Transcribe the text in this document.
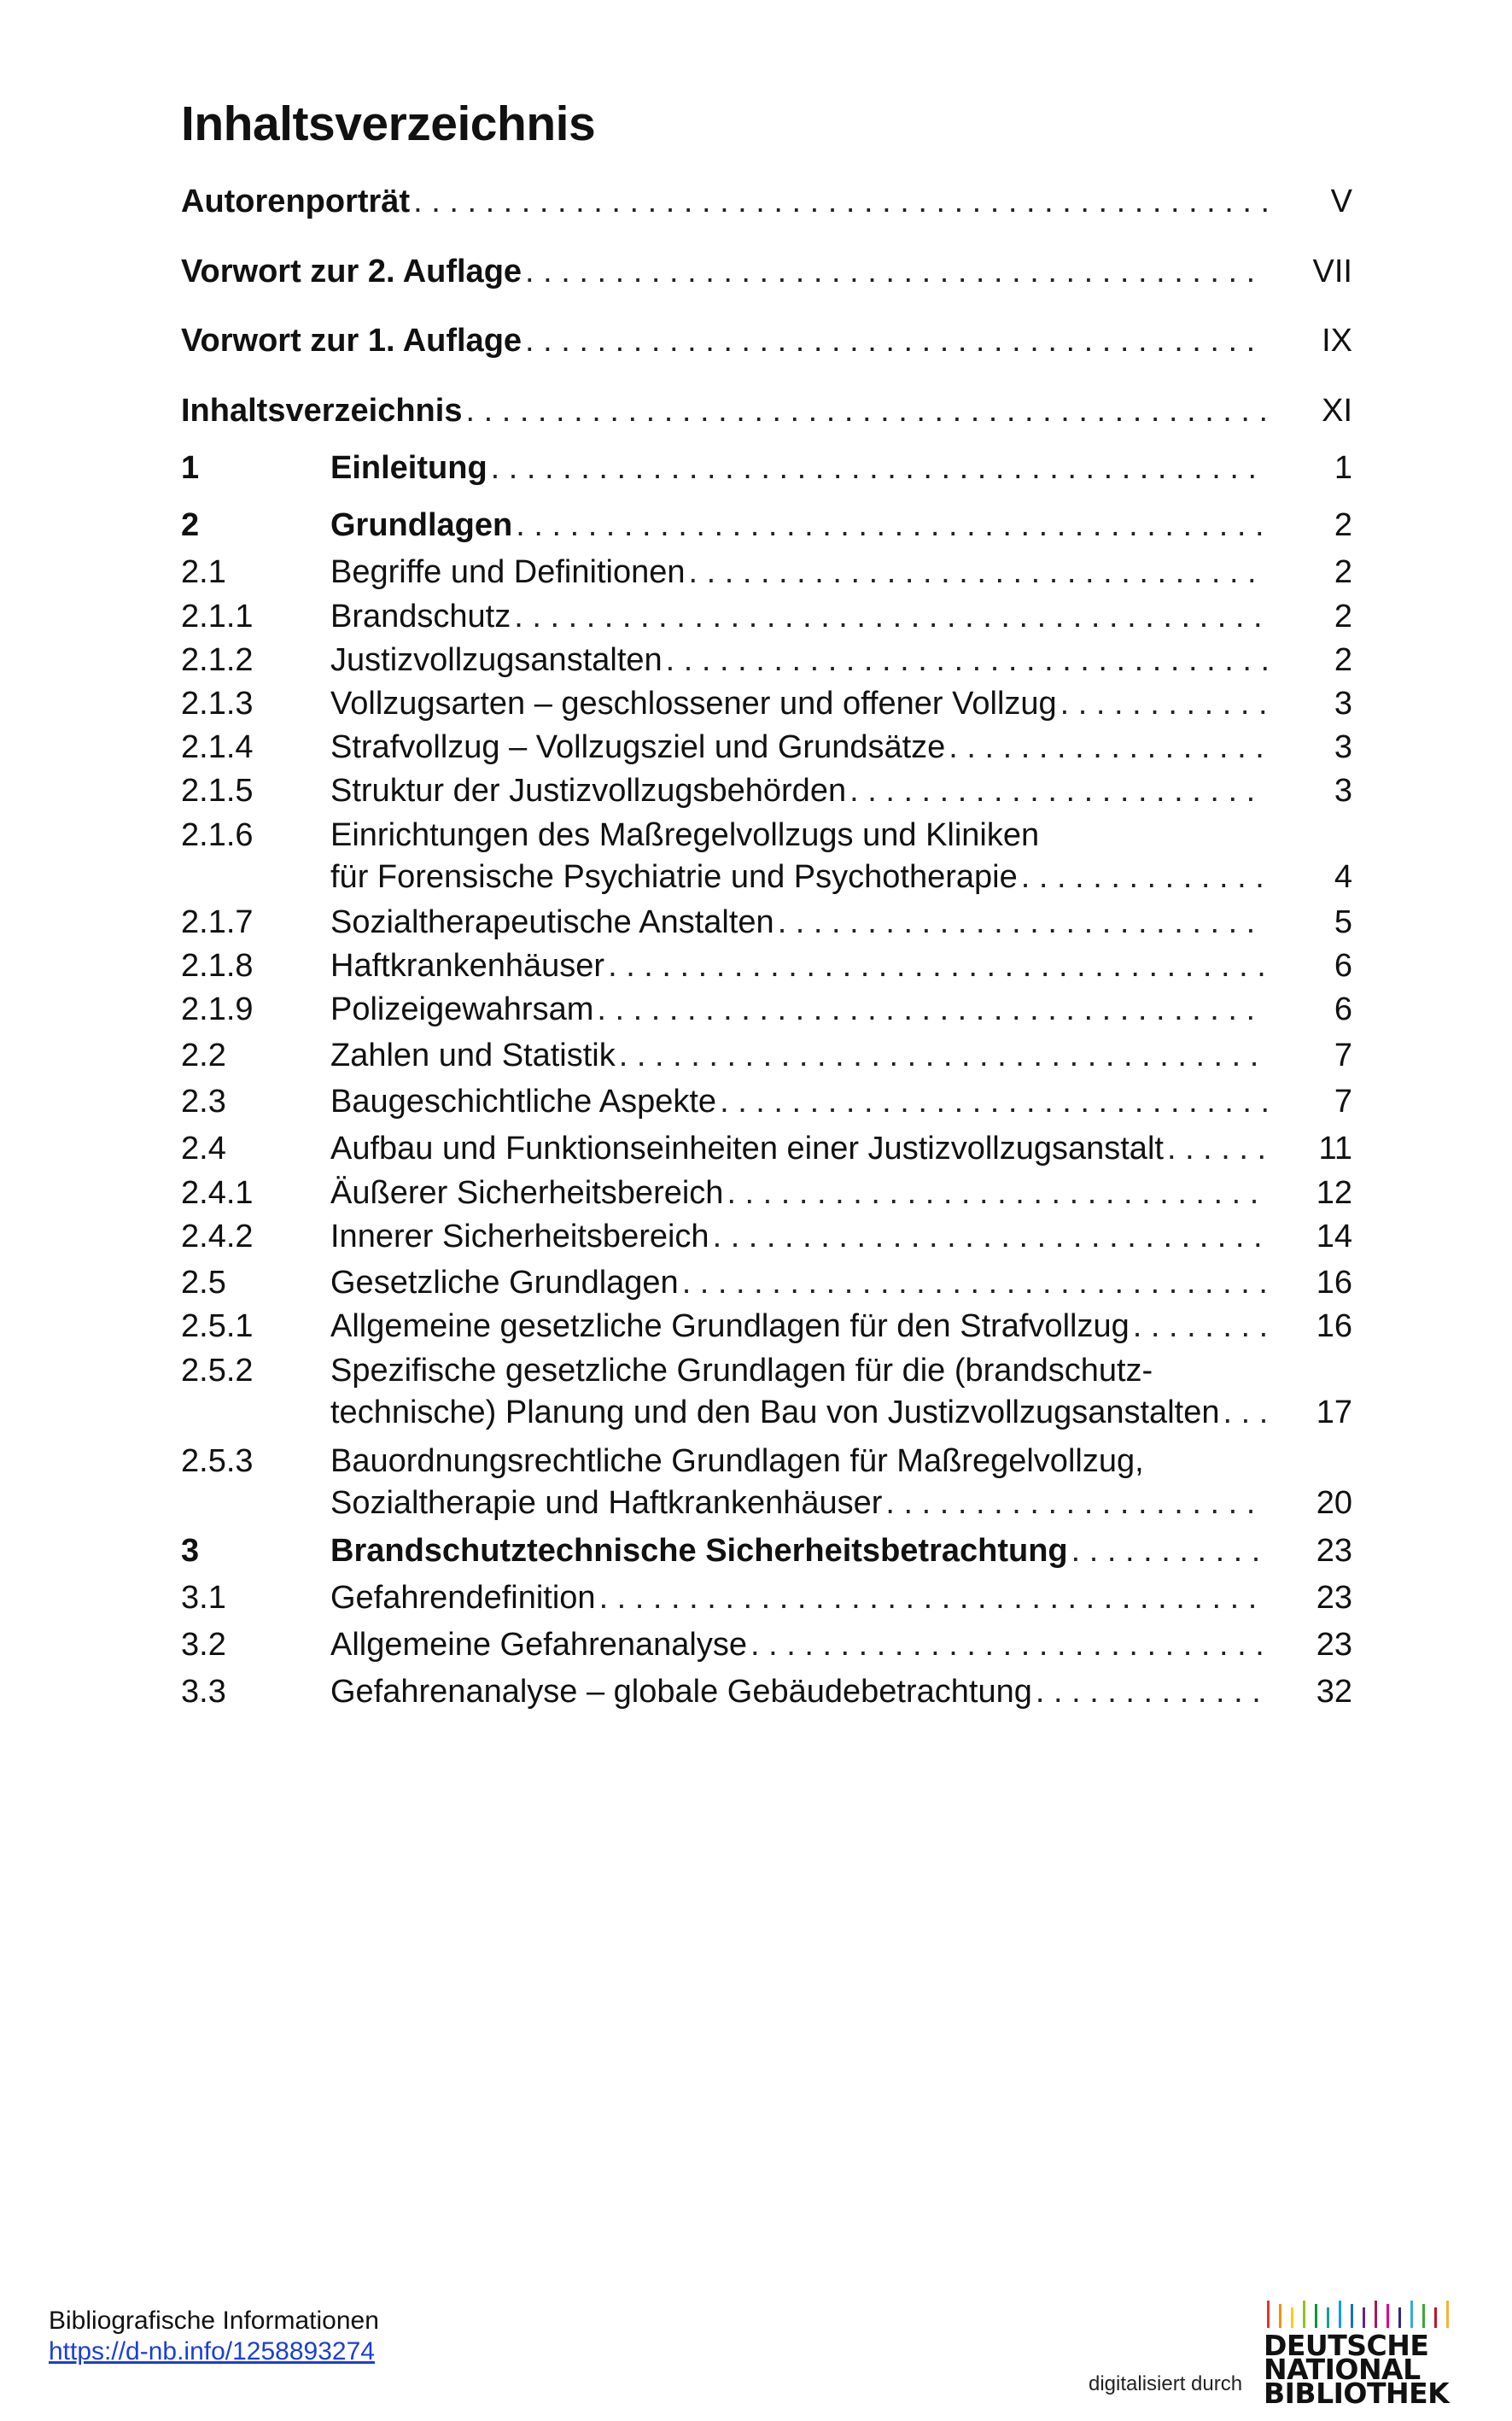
Inhaltsverzeichnis
Autorenporträt . . .	V
Vorwort zur 2. Auflage . . .	VII
Vorwort zur 1. Auflage . . .	IX
Inhaltsverzeichnis . . .	XI
1	Einleitung . . .	1
2	Grundlagen . . .	2
2.1	Begriffe und Definitionen . . .	2
2.1.1	Brandschutz . . .	2
2.1.2	Justizvollzugsanstalten . . .	2
2.1.3	Vollzugsarten – geschlossener und offener Vollzug . . .	3
2.1.4	Strafvollzug – Vollzugsziel und Grundsätze . . .	3
2.1.5	Struktur der Justizvollzugsbehörden . . .	3
2.1.6	Einrichtungen des Maßregelvollzugs und Kliniken
für Forensische Psychiatrie und Psychotherapie . . .	4
2.1.7	Sozialtherapeutische Anstalten . . .	5
2.1.8	Haftkrankenhäuser . . .	6
2.1.9	Polizeigewahrsam . . .	6
2.2	Zahlen und Statistik . . .	7
2.3	Baugeschichtliche Aspekte . . .	7
2.4	Aufbau und Funktionseinheiten einer Justizvollzugsanstalt . . .	11
2.4.1	Äußerer Sicherheitsbereich . . .	12
2.4.2	Innerer Sicherheitsbereich . . .	14
2.5	Gesetzliche Grundlagen . . .	16
2.5.1	Allgemeine gesetzliche Grundlagen für den Strafvollzug . . .	16
2.5.2	Spezifische gesetzliche Grundlagen für die (brandschutz-
technische) Planung und den Bau von Justizvollzugsanstalten . . .	17
2.5.3	Bauordnungsrechtliche Grundlagen für Maßregelvollzug,
Sozialtherapie und Haftkrankenhäuser . . .	20
3	Brandschutztechnische Sicherheitsbetrachtung . . .	23
3.1	Gefahrendefinition . . .	23
3.2	Allgemeine Gefahrenanalyse . . .	23
3.3	Gefahrenanalyse – globale Gebäudebetrachtung . . .	32
Bibliografische Informationen
https://d-nb.info/1258893274
digitalisiert durch
DEUTSCHE
NATIONAL
BIBLIOTHEK
